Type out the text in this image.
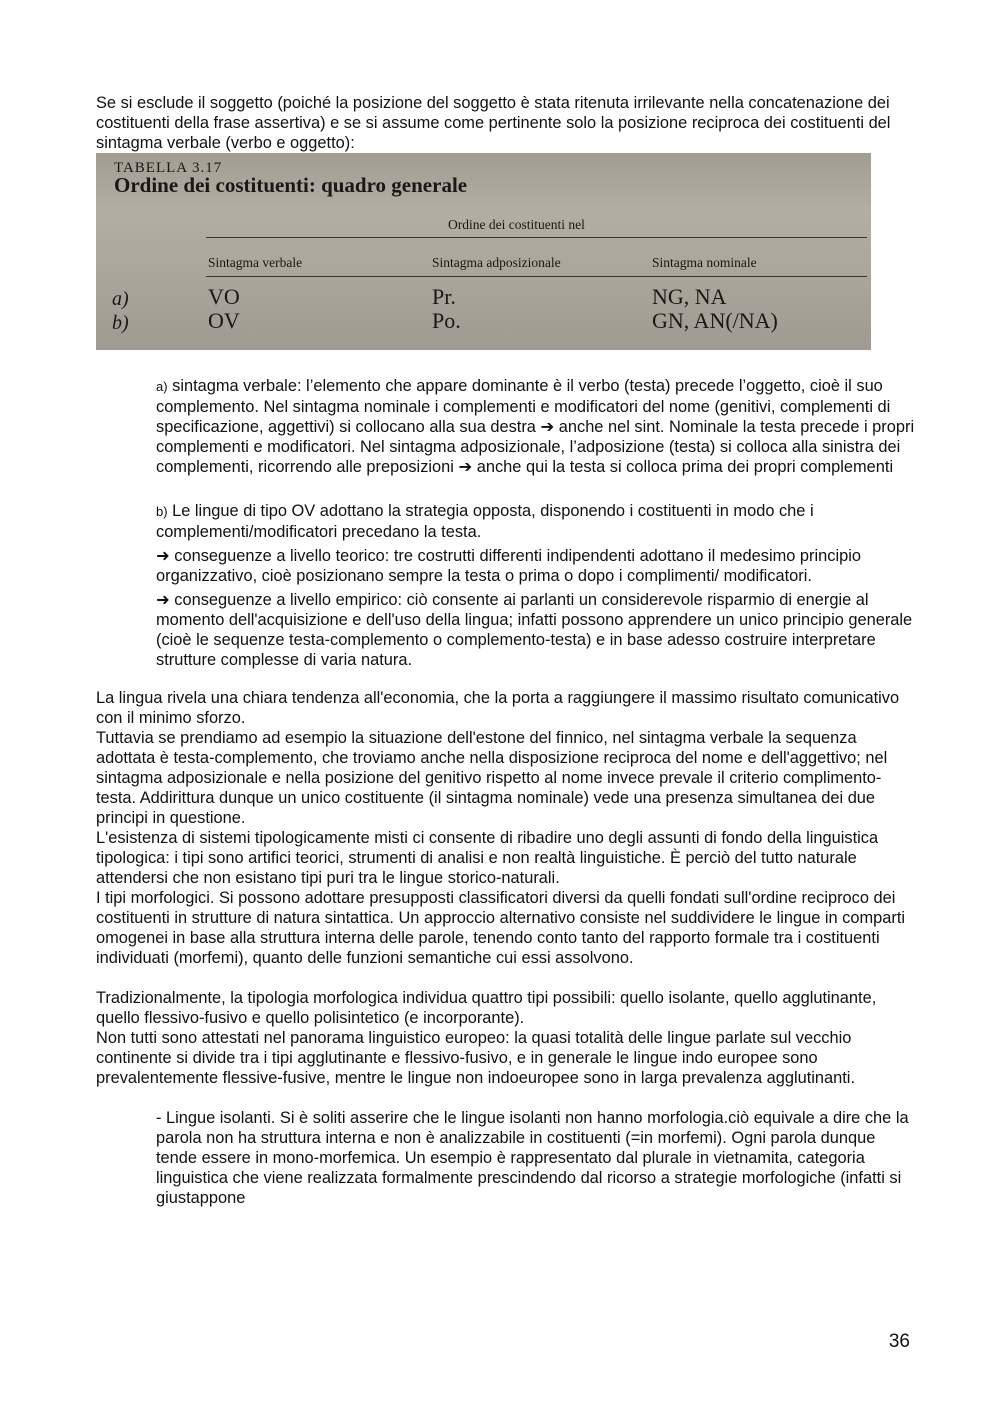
Se si esclude il soggetto (poiché la posizione del soggetto è stata ritenuta irrilevante nella concatenazione dei costituenti della frase assertiva) e se si assume come pertinente solo la posizione reciproca dei costituenti del sintagma verbale (verbo e oggetto):

TABELLA 3.17
Ordine dei costituenti: quadro generale
Ordine dei costituenti nel
Sintagma verbale	Sintagma adposizionale	Sintagma nominale
a)	VO	Pr.	NG, NA
b)	OV	Po.	GN, AN(/NA)
a) sintagma verbale: l’elemento che appare dominante è il verbo (testa) precede l’oggetto, cioè il suo complemento. Nel sintagma nominale i complementi e modificatori del nome (genitivi, complementi di specificazione, aggettivi) si collocano alla sua destra ➔ anche nel sint. Nominale la testa precede i propri complementi e modificatori. Nel sintagma adposizionale, l’adposizione (testa) si colloca alla sinistra dei complementi, ricorrendo alle preposizioni ➔ anche qui la testa si colloca prima dei propri complementi
b) Le lingue di tipo OV adottano la strategia opposta, disponendo i costituenti in modo che i complementi/modificatori precedano la testa.
➜ conseguenze a livello teorico: tre costrutti differenti indipendenti adottano il medesimo principio organizzativo, cioè posizionano sempre la testa o prima o dopo i complimenti/ modificatori.
➜ conseguenze a livello empirico: ciò consente ai parlanti un considerevole risparmio di energie al momento dell'acquisizione e dell'uso della lingua; infatti possono apprendere un unico principio generale (cioè le sequenze testa-complemento o complemento-testa) e in base adesso costruire interpretare strutture complesse di varia natura.

La lingua rivela una chiara tendenza all'economia, che la porta a raggiungere il massimo risultato comunicativo con il minimo sforzo.

Tuttavia se prendiamo ad esempio la situazione dell'estone del finnico, nel sintagma verbale la sequenza adottata è testa-complemento, che troviamo anche nella disposizione reciproca del nome e dell'aggettivo; nel sintagma adposizionale e nella posizione del genitivo rispetto al nome invece prevale il criterio complimento-testa. Addirittura dunque un unico costituente (il sintagma nominale) vede una presenza simultanea dei due principi in questione.

L'esistenza di sistemi tipologicamente misti ci consente di ribadire uno degli assunti di fondo della linguistica tipologica: i tipi sono artifici teorici, strumenti di analisi e non realtà linguistiche. È perciò del tutto naturale attendersi che non esistano tipi puri tra le lingue storico-naturali.

I tipi morfologici. Si possono adottare presupposti classificatori diversi da quelli fondati sull'ordine reciproco dei costituenti in strutture di natura sintattica. Un approccio alternativo consiste nel suddividere le lingue in comparti omogenei in base alla struttura interna delle parole, tenendo conto tanto del rapporto formale tra i costituenti individuati (morfemi), quanto delle funzioni semantiche cui essi assolvono.

Tradizionalmente, la tipologia morfologica individua quattro tipi possibili: quello isolante, quello agglutinante, quello flessivo-fusivo e quello polisintetico (e incorporante).

Non tutti sono attestati nel panorama linguistico europeo: la quasi totalità delle lingue parlate sul vecchio continente si divide tra i tipi agglutinante e flessivo-fusivo, e in generale le lingue indo europee sono prevalentemente flessive-fusive, mentre le lingue non indoeuropee sono in larga prevalenza agglutinanti.

- Lingue isolanti. Si è soliti asserire che le lingue isolanti non hanno morfologia.ciò equivale a dire che la parola non ha struttura interna e non è analizzabile in costituenti (=in morfemi). Ogni parola dunque tende essere in mono-morfemica. Un esempio è rappresentato dal plurale in vietnamita, categoria linguistica che viene realizzata formalmente prescindendo dal ricorso a strategie morfologiche (infatti si giustappone
36
